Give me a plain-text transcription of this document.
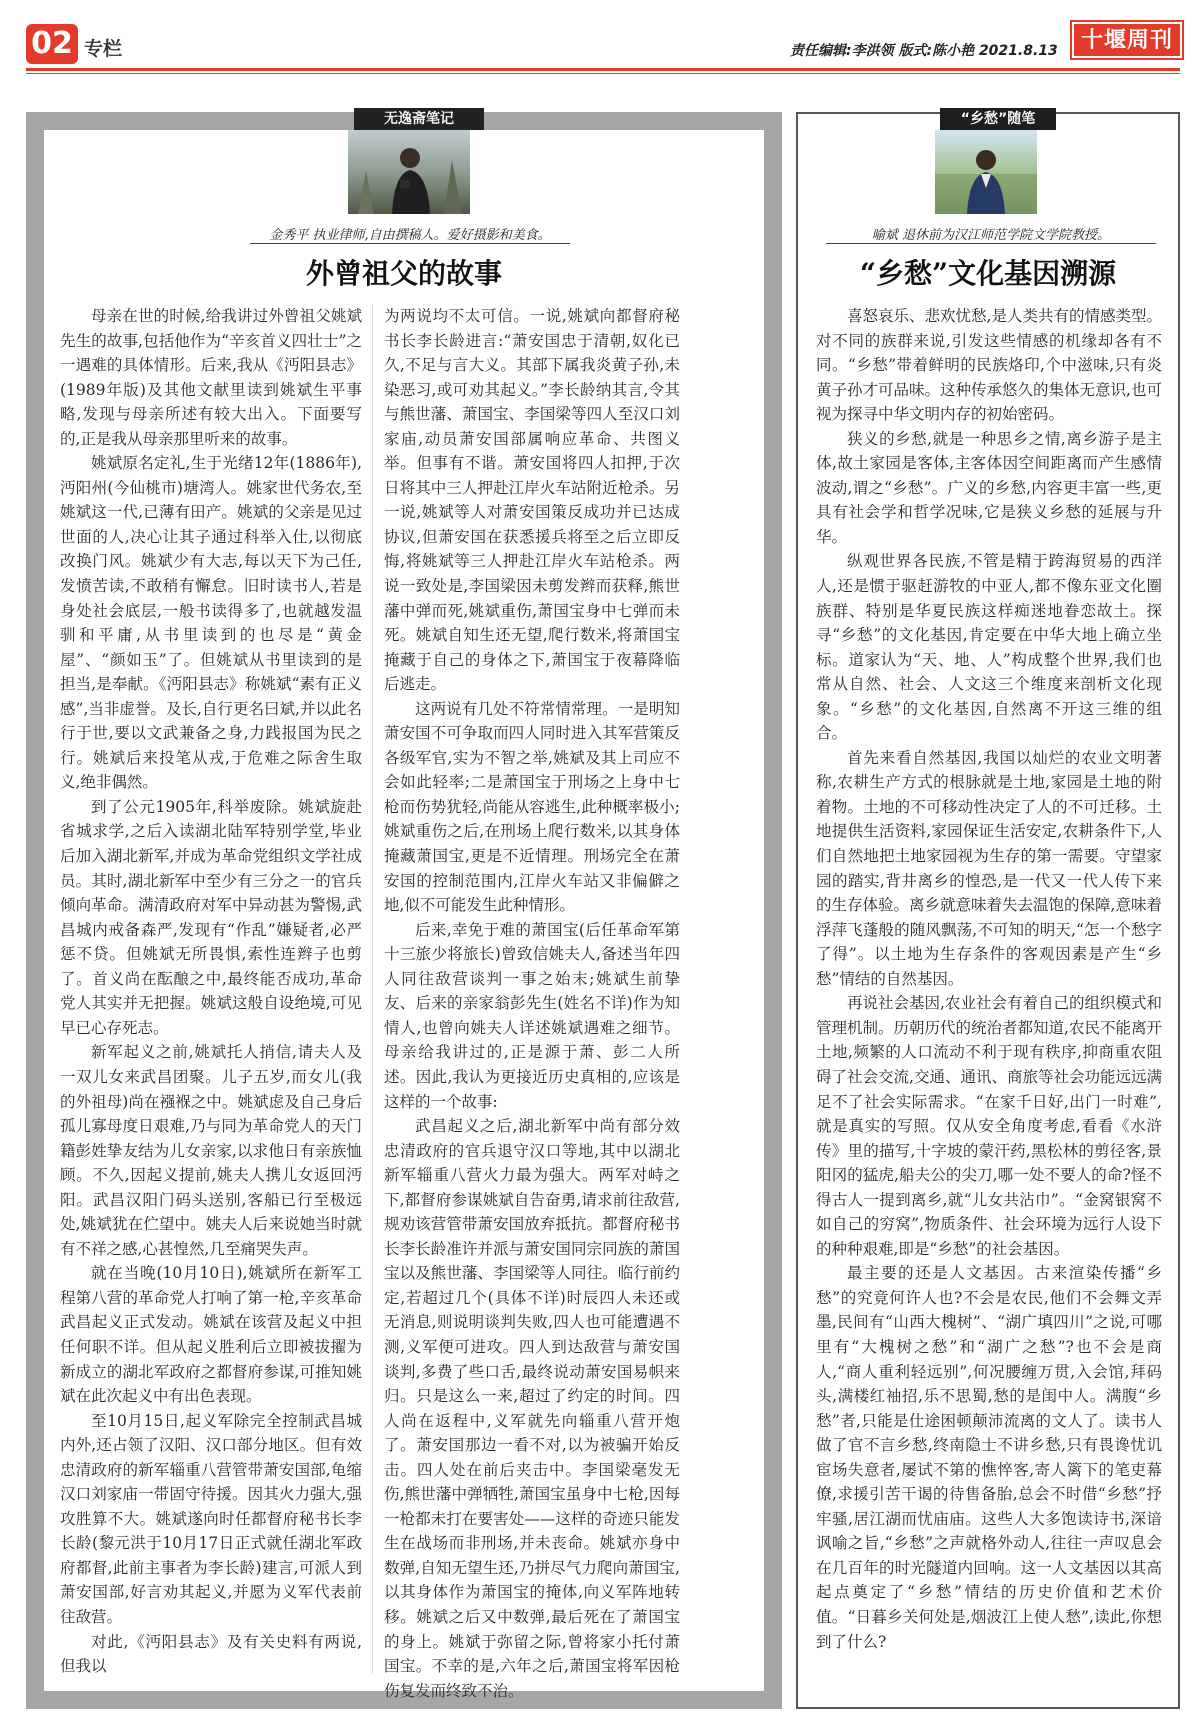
02 专栏	责任编辑:李洪领 版式:陈小艳 2021.8.13	十堰周刊
无逸斋笔记
金秀平 执业律师,自由撰稿人。爱好摄影和美食。
外曾祖父的故事

母亲在世的时候,给我讲过外曾祖父姚斌先生的故事,包括他作为“辛亥首义四壮士”之一遇难的具体情形。后来,我从《沔阳县志》(1989年版)及其他文献里读到姚斌生平事略,发现与母亲所述有较大出入。下面要写的,正是我从母亲那里听来的故事。

姚斌原名定礼,生于光绪12年(1886年),沔阳州(今仙桃市)塘湾人。姚家世代务农,至姚斌这一代,已薄有田产。姚斌的父亲是见过世面的人,决心让其子通过科举入仕,以彻底改换门风。姚斌少有大志,每以天下为己任,发愤苦读,不敢稍有懈怠。旧时读书人,若是身处社会底层,一般书读得多了,也就越发温驯和平庸,从书里读到的也尽是“黄金屋”、“颜如玉”了。但姚斌从书里读到的是担当,是奉献。《沔阳县志》称姚斌“素有正义感”,当非虚誉。及长,自行更名曰斌,并以此名行于世,要以文武兼备之身,力践报国为民之行。姚斌后来投笔从戎,于危难之际舍生取义,绝非偶然。

到了公元1905年,科举废除。姚斌旋赴省城求学,之后入读湖北陆军特别学堂,毕业后加入湖北新军,并成为革命党组织文学社成员。其时,湖北新军中至少有三分之一的官兵倾向革命。满清政府对军中异动甚为警惕,武昌城内戒备森严,发现有“作乱”嫌疑者,必严惩不贷。但姚斌无所畏惧,索性连辫子也剪了。首义尚在酝酿之中,最终能否成功,革命党人其实并无把握。姚斌这般自设绝境,可见早已心存死志。

新军起义之前,姚斌托人捎信,请夫人及一双儿女来武昌团聚。儿子五岁,而女儿(我的外祖母)尚在襁褓之中。姚斌虑及自己身后孤儿寡母度日艰难,乃与同为革命党人的天门籍彭姓挚友结为儿女亲家,以求他日有亲族恤顾。不久,因起义提前,姚夫人携儿女返回沔阳。武昌汉阳门码头送别,客船已行至极远处,姚斌犹在伫望中。姚夫人后来说她当时就有不祥之感,心甚惶然,几至痛哭失声。

就在当晚(10月10日),姚斌所在新军工程第八营的革命党人打响了第一枪,辛亥革命武昌起义正式发动。姚斌在该营及起义中担任何职不详。但从起义胜利后立即被拔擢为新成立的湖北军政府之都督府参谋,可推知姚斌在此次起义中有出色表现。

至10月15日,起义军除完全控制武昌城内外,还占领了汉阳、汉口部分地区。但有效忠清政府的新军辎重八营管带萧安国部,龟缩汉口刘家庙一带固守待援。因其火力强大,强攻胜算不大。姚斌遂向时任都督府秘书长李长龄(黎元洪于10月17日正式就任湖北军政府都督,此前主事者为李长龄)建言,可派人到萧安国部,好言劝其起义,并愿为义军代表前往敌营。

对此,《沔阳县志》及有关史料有两说,但我以

为两说均不太可信。一说,姚斌向都督府秘书长李长龄进言:“萧安国忠于清朝,奴化已久,不足与言大义。其部下属我炎黄子孙,未染恶习,或可劝其起义。”李长龄纳其言,令其与熊世藩、萧国宝、李国梁等四人至汉口刘家庙,动员萧安国部属响应革命、共图义举。但事有不谐。萧安国将四人扣押,于次日将其中三人押赴江岸火车站附近枪杀。另一说,姚斌等人对萧安国策反成功并已达成协议,但萧安国在获悉援兵将至之后立即反悔,将姚斌等三人押赴江岸火车站枪杀。两说一致处是,李国梁因未剪发辫而获释,熊世藩中弹而死,姚斌重伤,萧国宝身中七弹而未死。姚斌自知生还无望,爬行数米,将萧国宝掩藏于自己的身体之下,萧国宝于夜幕降临后逃走。

这两说有几处不符常情常理。一是明知萧安国不可争取而四人同时进入其军营策反各级军官,实为不智之举,姚斌及其上司应不会如此轻率;二是萧国宝于刑场之上身中七枪而伤势犹轻,尚能从容逃生,此种概率极小;姚斌重伤之后,在刑场上爬行数米,以其身体掩藏萧国宝,更是不近情理。刑场完全在萧安国的控制范围内,江岸火车站又非偏僻之地,似不可能发生此种情形。

后来,幸免于难的萧国宝(后任革命军第十三旅少将旅长)曾致信姚夫人,备述当年四人同往敌营谈判一事之始末;姚斌生前挚友、后来的亲家翁彭先生(姓名不详)作为知情人,也曾向姚夫人详述姚斌遇难之细节。母亲给我讲过的,正是源于萧、彭二人所述。因此,我认为更接近历史真相的,应该是这样的一个故事:

武昌起义之后,湖北新军中尚有部分效忠清政府的官兵退守汉口等地,其中以湖北新军辎重八营火力最为强大。两军对峙之下,都督府参谋姚斌自告奋勇,请求前往敌营,规劝该营管带萧安国放弃抵抗。都督府秘书长李长龄准许并派与萧安国同宗同族的萧国宝以及熊世藩、李国梁等人同往。临行前约定,若超过几个(具体不详)时辰四人未还或无消息,则说明谈判失败,四人也可能遭遇不测,义军便可进攻。四人到达敌营与萧安国谈判,多费了些口舌,最终说动萧安国易帜来归。只是这么一来,超过了约定的时间。四人尚在返程中,义军就先向辎重八营开炮了。萧安国那边一看不对,以为被骗开始反击。四人处在前后夹击中。李国梁毫发无伤,熊世藩中弹牺牲,萧国宝虽身中七枪,因每一枪都未打在要害处——这样的奇迹只能发生在战场而非刑场,并未丧命。姚斌亦身中数弹,自知无望生还,乃拼尽气力爬向萧国宝,以其身体作为萧国宝的掩体,向义军阵地转移。姚斌之后又中数弹,最后死在了萧国宝的身上。姚斌于弥留之际,曾将家小托付萧国宝。不幸的是,六年之后,萧国宝将军因枪伤复发而终致不治。

“乡愁”随笔
喻斌 退休前为汉江师范学院文学院教授。
“乡愁”文化基因溯源

喜怒哀乐、悲欢忧愁,是人类共有的情感类型。对不同的族群来说,引发这些情感的机缘却各有不同。“乡愁”带着鲜明的民族烙印,个中滋味,只有炎黄子孙才可品味。这种传承悠久的集体无意识,也可视为探寻中华文明内存的初始密码。

狭义的乡愁,就是一种思乡之情,离乡游子是主体,故土家园是客体,主客体因空间距离而产生感情波动,谓之“乡愁”。广义的乡愁,内容更丰富一些,更具有社会学和哲学况味,它是狭义乡愁的延展与升华。

纵观世界各民族,不管是精于跨海贸易的西洋人,还是惯于驱赶游牧的中亚人,都不像东亚文化圈族群、特别是华夏民族这样痴迷地眷恋故土。探寻“乡愁”的文化基因,肯定要在中华大地上确立坐标。道家认为“天、地、人”构成整个世界,我们也常从自然、社会、人文这三个维度来剖析文化现象。“乡愁”的文化基因,自然离不开这三维的组合。

首先来看自然基因,我国以灿烂的农业文明著称,农耕生产方式的根脉就是土地,家园是土地的附着物。土地的不可移动性决定了人的不可迁移。土地提供生活资料,家园保证生活安定,农耕条件下,人们自然地把土地家园视为生存的第一需要。守望家园的踏实,背井离乡的惶恐,是一代又一代人传下来的生存体验。离乡就意味着失去温饱的保障,意味着浮萍飞蓬般的随风飘荡,不可知的明天,“怎一个愁字了得”。以土地为生存条件的客观因素是产生“乡愁”情结的自然基因。

再说社会基因,农业社会有着自己的组织模式和管理机制。历朝历代的统治者都知道,农民不能离开土地,频繁的人口流动不利于现有秩序,抑商重农阻碍了社会交流,交通、通讯、商旅等社会功能远远满足不了社会实际需求。“在家千日好,出门一时难”,就是真实的写照。仅从安全角度考虑,看看《水浒传》里的描写,十字坡的蒙汗药,黑松林的剪径客,景阳冈的猛虎,船夫公的尖刀,哪一处不要人的命?怪不得古人一提到离乡,就“儿女共沾巾”。“金窝银窝不如自己的穷窝”,物质条件、社会环境为远行人设下的种种艰难,即是“乡愁”的社会基因。

最主要的还是人文基因。古来渲染传播“乡愁”的究竟何许人也?不会是农民,他们不会舞文弄墨,民间有“山西大槐树”、“湖广填四川”之说,可哪里有“大槐树之愁”和“湖广之愁”?也不会是商人,“商人重利轻远别”,何况腰缠万贯,入会馆,拜码头,满楼红袖招,乐不思蜀,愁的是闺中人。满腹“乡愁”者,只能是仕途困顿颠沛流离的文人了。读书人做了官不言乡愁,终南隐士不讲乡愁,只有畏谗忧讥宦场失意者,屡试不第的憔悴客,寄人篱下的笔吏幕僚,求援引苦干谒的待售备胎,总会不时借“乡愁”抒牢骚,居江湖而忧庙庙。这些人大多饱读诗书,深谙讽喻之旨,“乡愁”之声就格外动人,往往一声叹息会在几百年的时光隧道内回响。这一人文基因以其高起点奠定了“乡愁”情结的历史价值和艺术价值。“日暮乡关何处是,烟波江上使人愁”,读此,你想到了什么?
